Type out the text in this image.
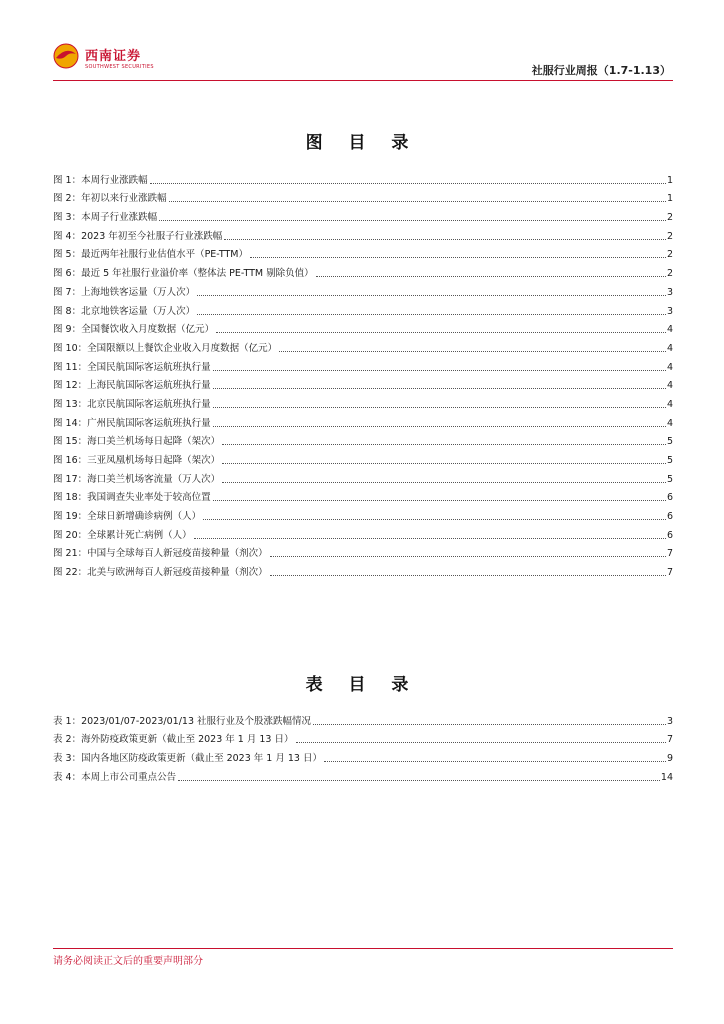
西南证券
SOUTHWEST SECURITIES	社服行业周报（1.7-1.13）
图 目 录
图 1：本周行业涨跌幅	1
图 2：年初以来行业涨跌幅	1
图 3：本周子行业涨跌幅	2
图 4：2023 年初至今社服子行业涨跌幅	2
图 5：最近两年社服行业估值水平（PE-TTM）	2
图 6：最近 5 年社服行业溢价率（整体法 PE-TTM 剔除负值）	2
图 7：上海地铁客运量（万人次）	3
图 8：北京地铁客运量（万人次）	3
图 9：全国餐饮收入月度数据（亿元）	4
图 10：全国限额以上餐饮企业收入月度数据（亿元）	4
图 11：全国民航国际客运航班执行量	4
图 12：上海民航国际客运航班执行量	4
图 13：北京民航国际客运航班执行量	4
图 14：广州民航国际客运航班执行量	4
图 15：海口美兰机场每日起降（架次）	5
图 16：三亚凤凰机场每日起降（架次）	5
图 17：海口美兰机场客流量（万人次）	5
图 18：我国调查失业率处于较高位置	6
图 19：全球日新增确诊病例（人）	6
图 20：全球累计死亡病例（人）	6
图 21：中国与全球每百人新冠疫苗接种量（剂次）	7
图 22：北美与欧洲每百人新冠疫苗接种量（剂次）	7
表 目 录
表 1：2023/01/07-2023/01/13 社服行业及个股涨跌幅情况	3
表 2：海外防疫政策更新（截止至 2023 年 1 月 13 日）	7
表 3：国内各地区防疫政策更新（截止至 2023 年 1 月 13 日）	9
表 4：本周上市公司重点公告	14
请务必阅读正文后的重要声明部分
